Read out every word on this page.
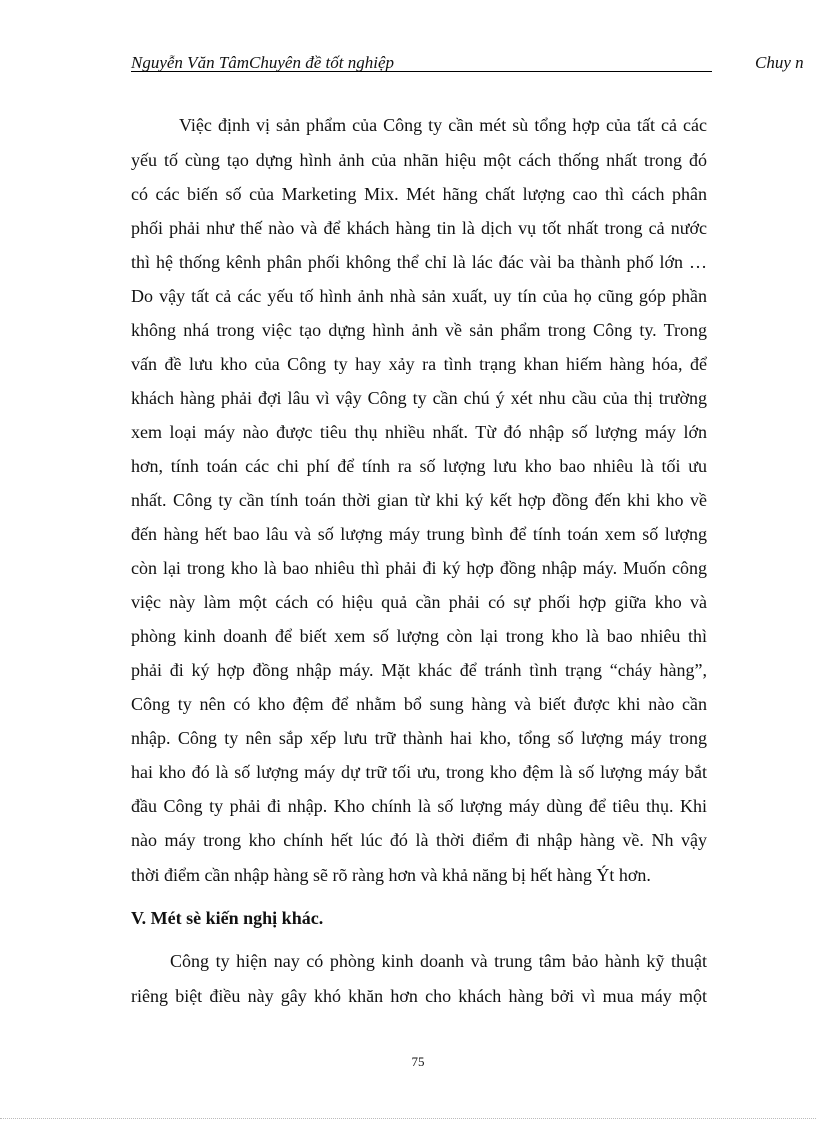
Nguyễn Văn TâmChuyên đề tốt nghiệp	Chuy n
Việc định vị sản phẩm của Công ty cần mét sù tổng hợp của tất cả các
yếu tố cùng tạo dựng hình ảnh của nhãn hiệu một cách thống nhất trong đó
có các biến số của Marketing Mix. Mét hãng chất lượng cao thì cách phân
phối phải như thế nào và để khách hàng tin là dịch vụ tốt nhất trong cả nước
thì hệ thống kênh phân phối không thể chỉ là lác đác vài ba thành phố lớn …
Do vậy tất cả các yếu tố hình ảnh nhà sản xuất, uy tín của họ cũng góp phần
không nhá trong việc tạo dựng hình ảnh về sản phẩm trong Công ty. Trong
vấn đề lưu kho của Công ty hay xảy ra tình trạng khan hiếm hàng hóa, để
khách hàng phải đợi lâu vì vậy Công ty cần chú ý xét nhu cầu của thị trường
xem loại máy nào được tiêu thụ nhiều nhất. Từ đó nhập số lượng máy lớn
hơn, tính toán các chi phí để tính ra số lượng lưu kho bao nhiêu là tối ưu
nhất. Công ty cần tính toán thời gian từ khi ký kết hợp đồng đến khi kho về
đến hàng hết bao lâu và số lượng máy trung bình để tính toán xem số lượng
còn lại trong kho là bao nhiêu thì phải đi ký hợp đồng nhập máy. Muốn công
việc này làm một cách có hiệu quả cần phải có sự phối hợp giữa kho và
phòng kinh doanh để biết xem số lượng còn lại trong kho là bao nhiêu thì
phải đi ký hợp đồng nhập máy. Mặt khác để tránh tình trạng “cháy hàng”,
Công ty nên có kho đệm để nhằm bổ sung hàng và biết được khi nào cần
nhập. Công ty nên sắp xếp lưu trữ thành hai kho, tổng số lượng máy trong
hai kho đó là số lượng máy dự trữ tối ưu, trong kho đệm là số lượng máy bắt
đầu Công ty phải đi nhập. Kho chính là số lượng máy dùng để tiêu thụ. Khi
nào máy trong kho chính hết lúc đó là thời điểm đi nhập hàng về. Nh vậy
thời điểm cần nhập hàng sẽ rõ ràng hơn và khả năng bị hết hàng Ýt hơn.
V. Mét sè kiến nghị khác.
Công ty hiện nay có phòng kinh doanh và trung tâm bảo hành kỹ thuật
riêng biệt điều này gây khó khăn hơn cho khách hàng bởi vì mua máy một
75
